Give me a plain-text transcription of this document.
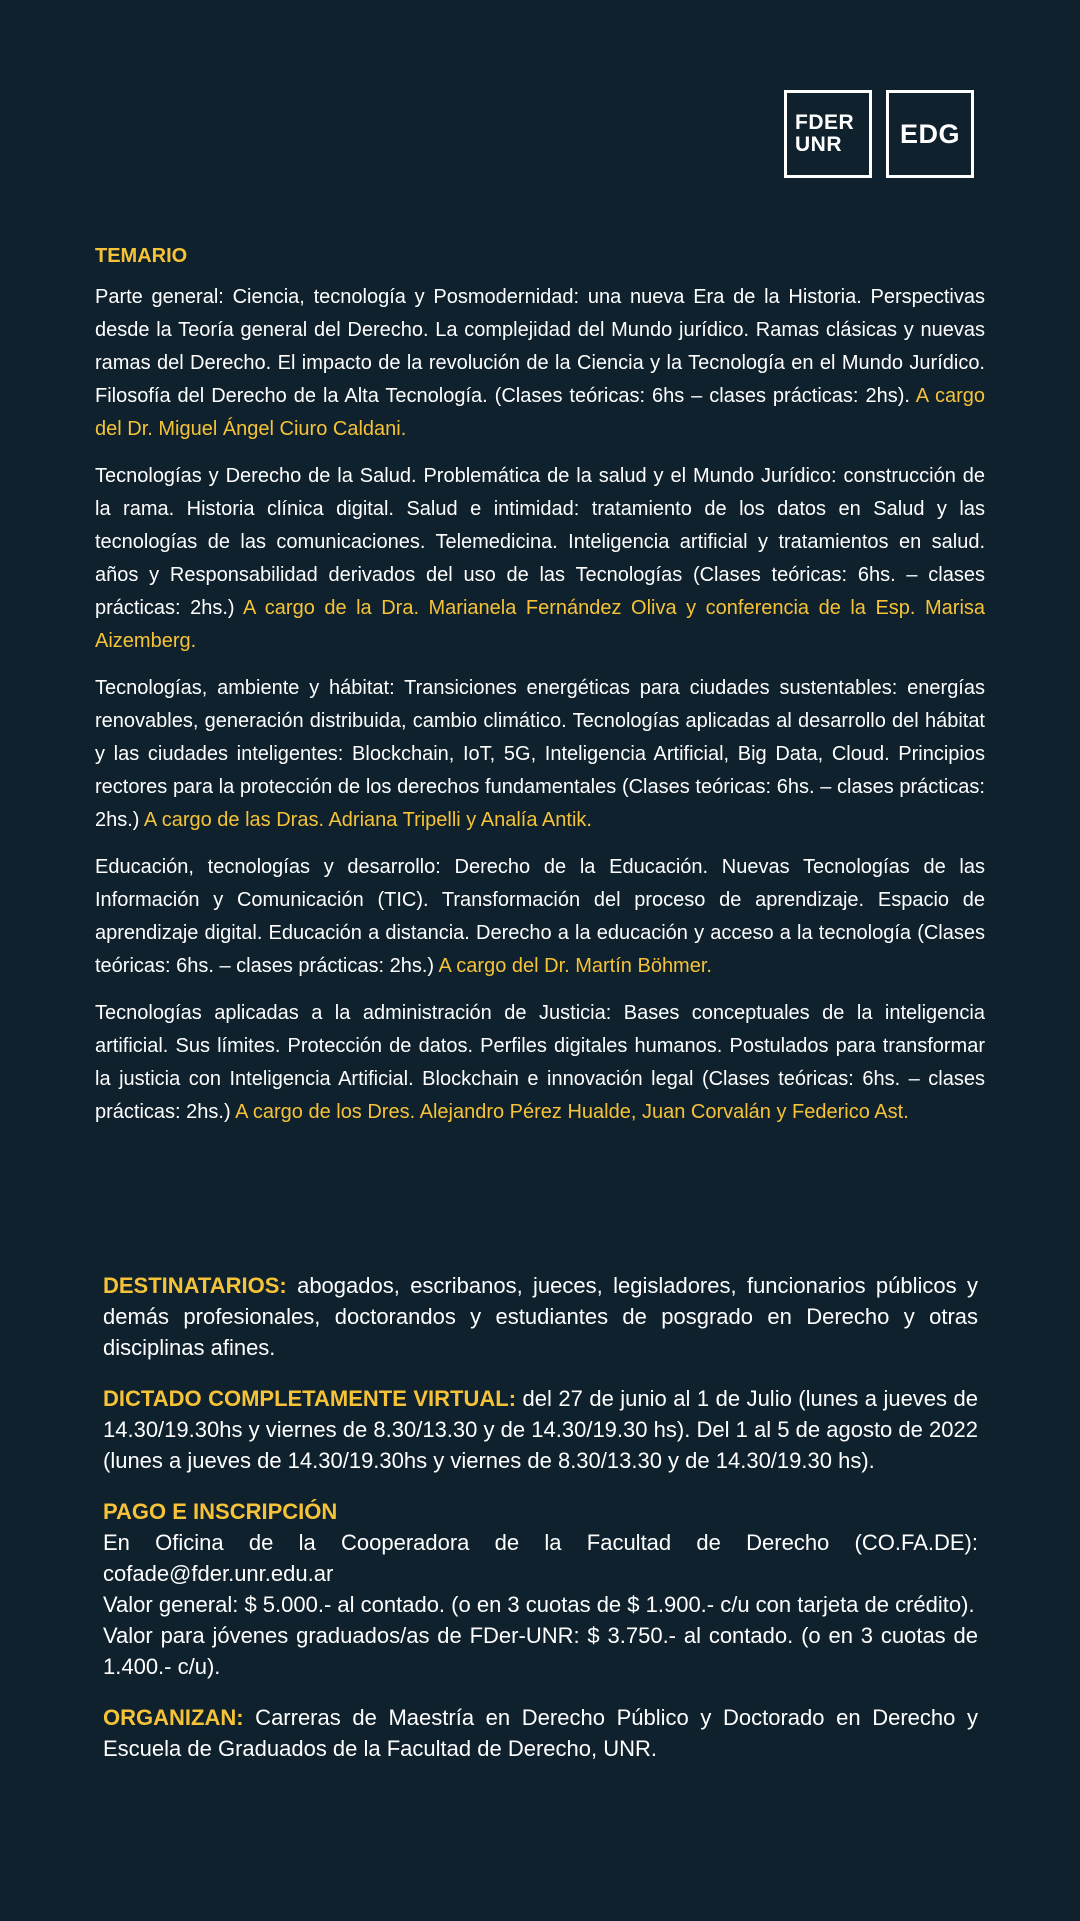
FDER
UNR	EDG
TEMARIO

Parte general: Ciencia, tecnología y Posmodernidad: una nueva Era de la Historia. Perspectivas desde la Teoría general del Derecho. La complejidad del Mundo jurídico. Ramas clásicas y nuevas ramas del Derecho. El impacto de la revolución de la Ciencia y la Tecnología en el Mundo Jurídico. Filosofía del Derecho de la Alta Tecnología. (Clases teóricas: 6hs – clases prácticas: 2hs). A cargo del Dr. Miguel Ángel Ciuro Caldani.

Tecnologías y Derecho de la Salud. Problemática de la salud y el Mundo Jurídico: construcción de la rama. Historia clínica digital. Salud e intimidad: tratamiento de los datos en Salud y las tecnologías de las comunicaciones. Telemedicina. Inteligencia artificial y tratamientos en salud. años y Responsabilidad derivados del uso de las Tecnologías (Clases teóricas: 6hs. – clases prácticas: 2hs.) A cargo de la Dra. Marianela Fernández Oliva y conferencia de la Esp. Marisa Aizemberg.

Tecnologías, ambiente y hábitat: Transiciones energéticas para ciudades sustentables: energías renovables, generación distribuida, cambio climático. Tecnologías aplicadas al desarrollo del hábitat y las ciudades inteligentes: Blockchain, IoT, 5G, Inteligencia Artificial, Big Data, Cloud. Principios rectores para la protección de los derechos fundamentales (Clases teóricas: 6hs. – clases prácticas: 2hs.) A cargo de las Dras. Adriana Tripelli y Analía Antik.

Educación, tecnologías y desarrollo: Derecho de la Educación. Nuevas Tecnologías de las Información y Comunicación (TIC). Transformación del proceso de aprendizaje. Espacio de aprendizaje digital. Educación a distancia. Derecho a la educación y acceso a la tecnología (Clases teóricas: 6hs. – clases prácticas: 2hs.) A cargo del Dr. Martín Böhmer.

Tecnologías aplicadas a la administración de Justicia: Bases conceptuales de la inteligencia artificial. Sus límites. Protección de datos. Perfiles digitales humanos. Postulados para transformar la justicia con Inteligencia Artificial. Blockchain e innovación legal (Clases teóricas: 6hs. – clases prácticas: 2hs.) A cargo de los Dres. Alejandro Pérez Hualde, Juan Corvalán y Federico Ast.

DESTINATARIOS: abogados, escribanos, jueces, legisladores, funcionarios públicos y demás profesionales, doctorandos y estudiantes de posgrado en Derecho y otras disciplinas afines.

DICTADO COMPLETAMENTE VIRTUAL: del 27 de junio al 1 de Julio (lunes a jueves de 14.30/19.30hs y viernes de 8.30/13.30 y de 14.30/19.30 hs). Del 1 al 5 de agosto de 2022 (lunes a jueves de 14.30/19.30hs y viernes de 8.30/13.30 y de 14.30/19.30 hs).

PAGO E INSCRIPCIÓN
En Oficina de la Cooperadora de la Facultad de Derecho (CO.FA.DE): cofade@fder.unr.edu.ar
Valor general: $ 5.000.- al contado. (o en 3 cuotas de $ 1.900.- c/u con tarjeta de crédito).
Valor para jóvenes graduados/as de FDer-UNR: $ 3.750.- al contado. (o en 3 cuotas de 1.400.- c/u).

ORGANIZAN: Carreras de Maestría en Derecho Público y Doctorado en Derecho y Escuela de Graduados de la Facultad de Derecho, UNR.
